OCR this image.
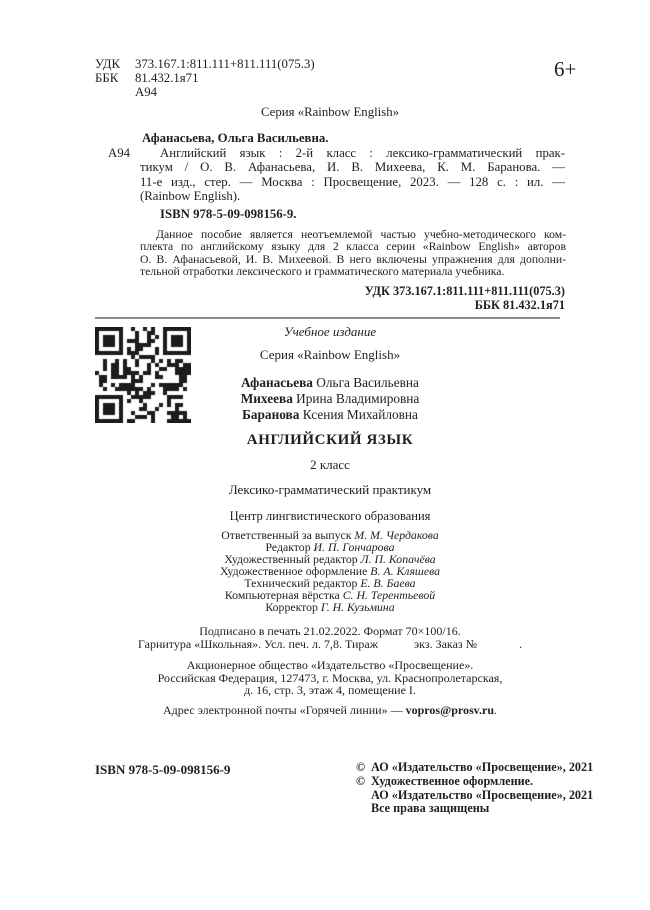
УДК	373.167.1:811.111+811.111(075.3)
ББК	81.432.1я71
А94
Серия «Rainbow English»
6+
Афанасьева, Ольга Васильевна.
А94	Английский язык : 2-й класс : лексико-грамматический прак-
тикум / О. В. Афанасьева, И. В. Михеева, К. М. Баранова. —
11-е изд., стер. — Москва : Просвещение, 2023. — 128 с. : ил. —
(Rainbow English).
ISBN 978-5-09-098156-9.
Данное пособие является неотъемлемой частью учебно-методического ком-
плекта по английскому языку для 2 класса серии «Rainbow English» авторов
О. В. Афанасьевой, И. В. Михеевой. В него включены упражнения для дополни-
тельной отработки лексического и грамматического материала учебника.
УДК 373.167.1:811.111+811.111(075.3)
ББК 81.432.1я71
Учебное издание
Серия «Rainbow English»
Афанасьева Ольга Васильевна
Михеева Ирина Владимировна
Баранова Ксения Михайловна
АНГЛИЙСКИЙ ЯЗЫК
2 класс
Лексико-грамматический практикум
Центр лингвистического образования
Ответственный за выпуск М. М. Чердакова
Редактор И. П. Гончарова
Художественный редактор Л. П. Копачёва
Художественное оформление В. А. Кляшева
Технический редактор Е. В. Баева
Компьютерная вёрстка С. Н. Терентьевой
Корректор Г. Н. Кузьмина
Подписано в печать 21.02.2022. Формат 70×100/16.
Гарнитура «Школьная». Усл. печ. л. 7,8. Тираж	экз. Заказ №	.
Акционерное общество «Издательство «Просвещение».
Российская Федерация, 127473, г. Москва, ул. Краснопролетарская,
д. 16, стр. 3, этаж 4, помещение I.
Адрес электронной почты «Горячей линии» — vopros@prosv.ru.
ISBN 978-5-09-098156-9	© АО «Издательство «Просвещение», 2021
© Художественное оформление.
АО «Издательство «Просвещение», 2021
Все права защищены
